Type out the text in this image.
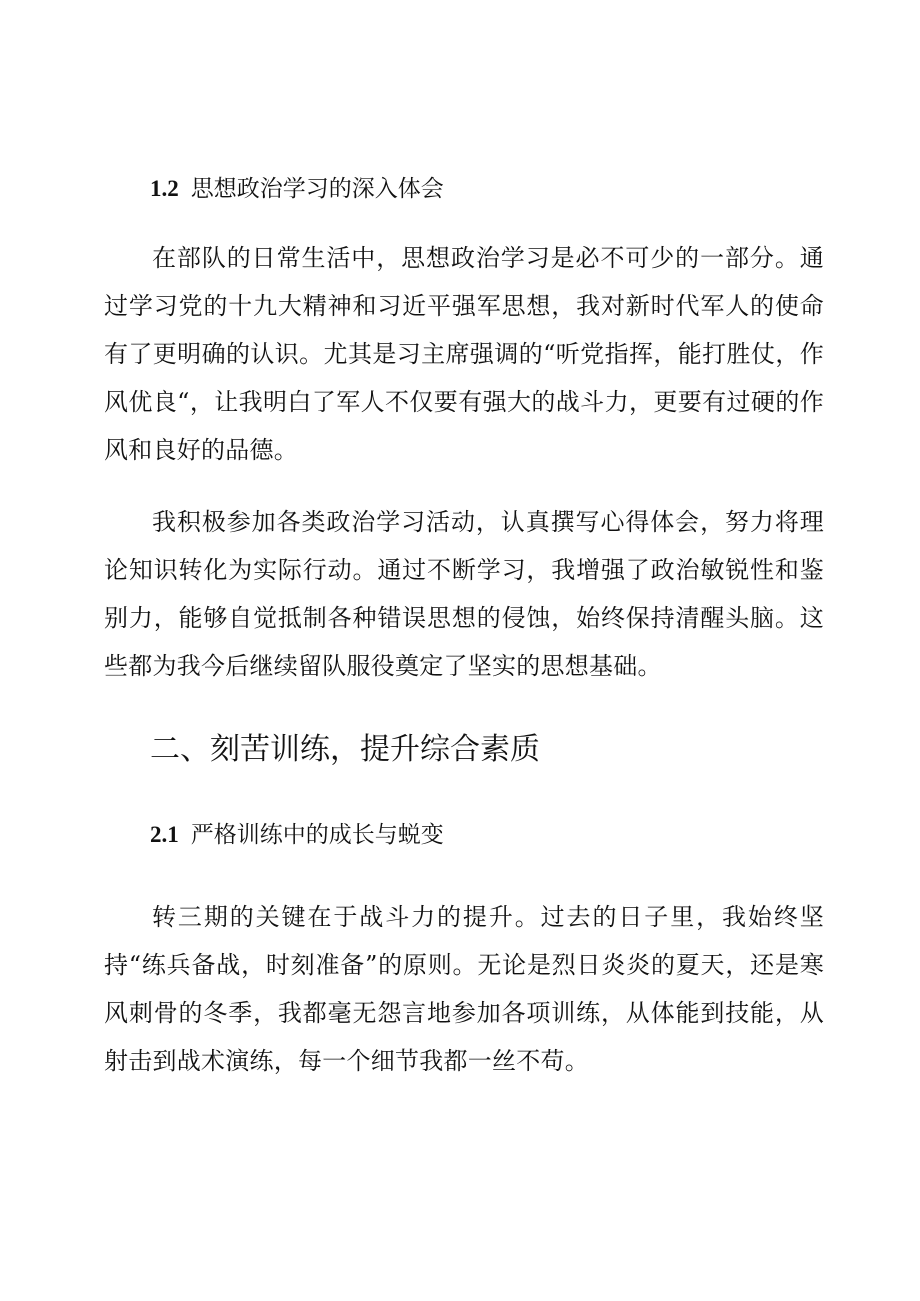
1.2 思想政治学习的深入体会

在部队的日常生活中，思想政治学习是必不可少的一部分。通过学习党的十九大精神和习近平强军思想，我对新时代军人的使命有了更明确的认识。尤其是习主席强调的“听党指挥，能打胜仗，作风优良“，让我明白了军人不仅要有强大的战斗力，更要有过硬的作风和良好的品德。

我积极参加各类政治学习活动，认真撰写心得体会，努力将理论知识转化为实际行动。通过不断学习，我增强了政治敏锐性和鉴别力，能够自觉抵制各种错误思想的侵蚀，始终保持清醒头脑。这些都为我今后继续留队服役奠定了坚实的思想基础。

二、刻苦训练，提升综合素质
2.1 严格训练中的成长与蜕变

转三期的关键在于战斗力的提升。过去的日子里，我始终坚持“练兵备战，时刻准备”的原则。无论是烈日炎炎的夏天，还是寒风刺骨的冬季，我都毫无怨言地参加各项训练，从体能到技能，从射击到战术演练，每一个细节我都一丝不苟。
